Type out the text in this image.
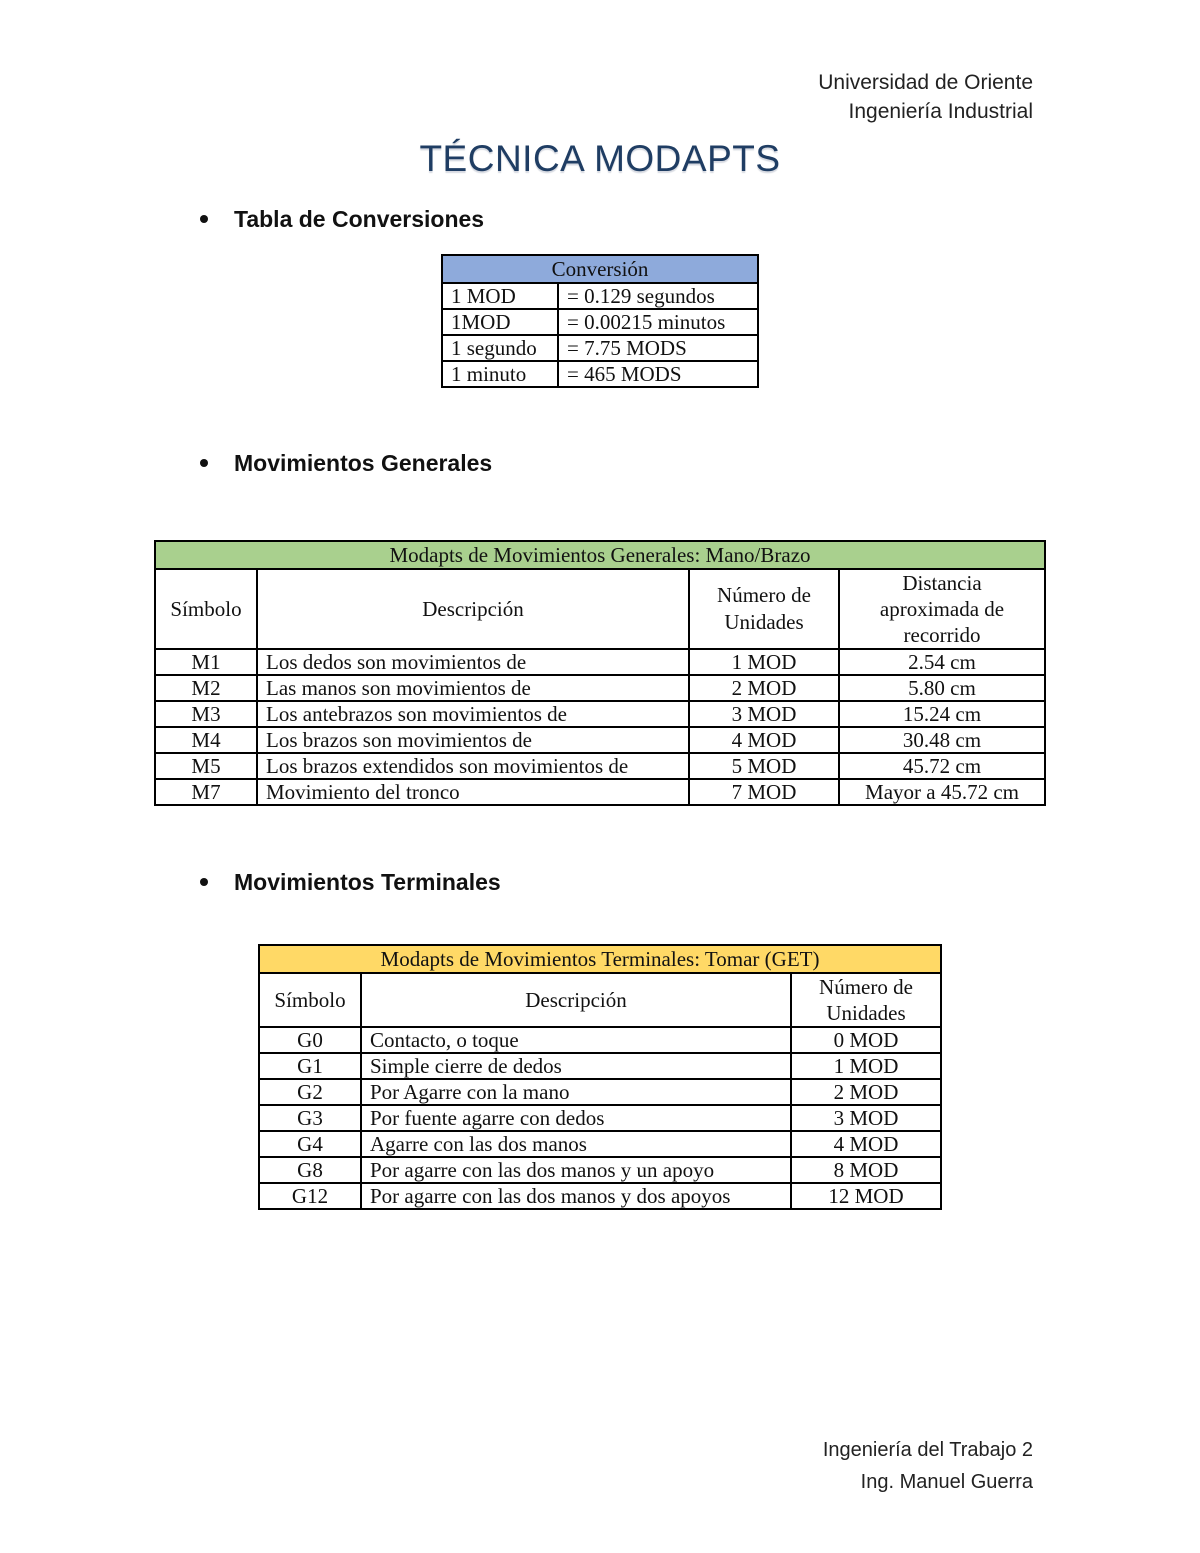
Universidad de Oriente
Ingeniería Industrial
TÉCNICA MODAPTS
Tabla de Conversiones
Conversión	
1 MOD	= 0.129 segundos
1MOD	= 0.00215 minutos
1 segundo	= 7.75 MODS
1 minuto	= 465 MODS
Movimientos Generales
Modapts de Movimientos Generales: Mano/Brazo			
Símbolo	Descripción	Número de Unidades	Distancia aproximada de recorrido
M1	Los dedos son movimientos de	1 MOD	2.54 cm
M2	Las manos son movimientos de	2 MOD	5.80 cm
M3	Los antebrazos son movimientos de	3 MOD	15.24 cm
M4	Los brazos son movimientos de	4 MOD	30.48 cm
M5	Los brazos extendidos son movimientos de	5 MOD	45.72 cm
M7	Movimiento del tronco	7 MOD	Mayor a 45.72 cm
Movimientos Terminales
Modapts de Movimientos Terminales: Tomar (GET)		
Símbolo	Descripción	Número de Unidades
G0	Contacto, o toque	0 MOD
G1	Simple cierre de dedos	1 MOD
G2	Por Agarre con la mano	2 MOD
G3	Por fuente agarre con dedos	3 MOD
G4	Agarre con las dos manos	4 MOD
G8	Por agarre con las dos manos y un apoyo	8 MOD
G12	Por agarre con las dos manos y dos apoyos	12 MOD
Ingeniería del Trabajo 2
Ing. Manuel Guerra
